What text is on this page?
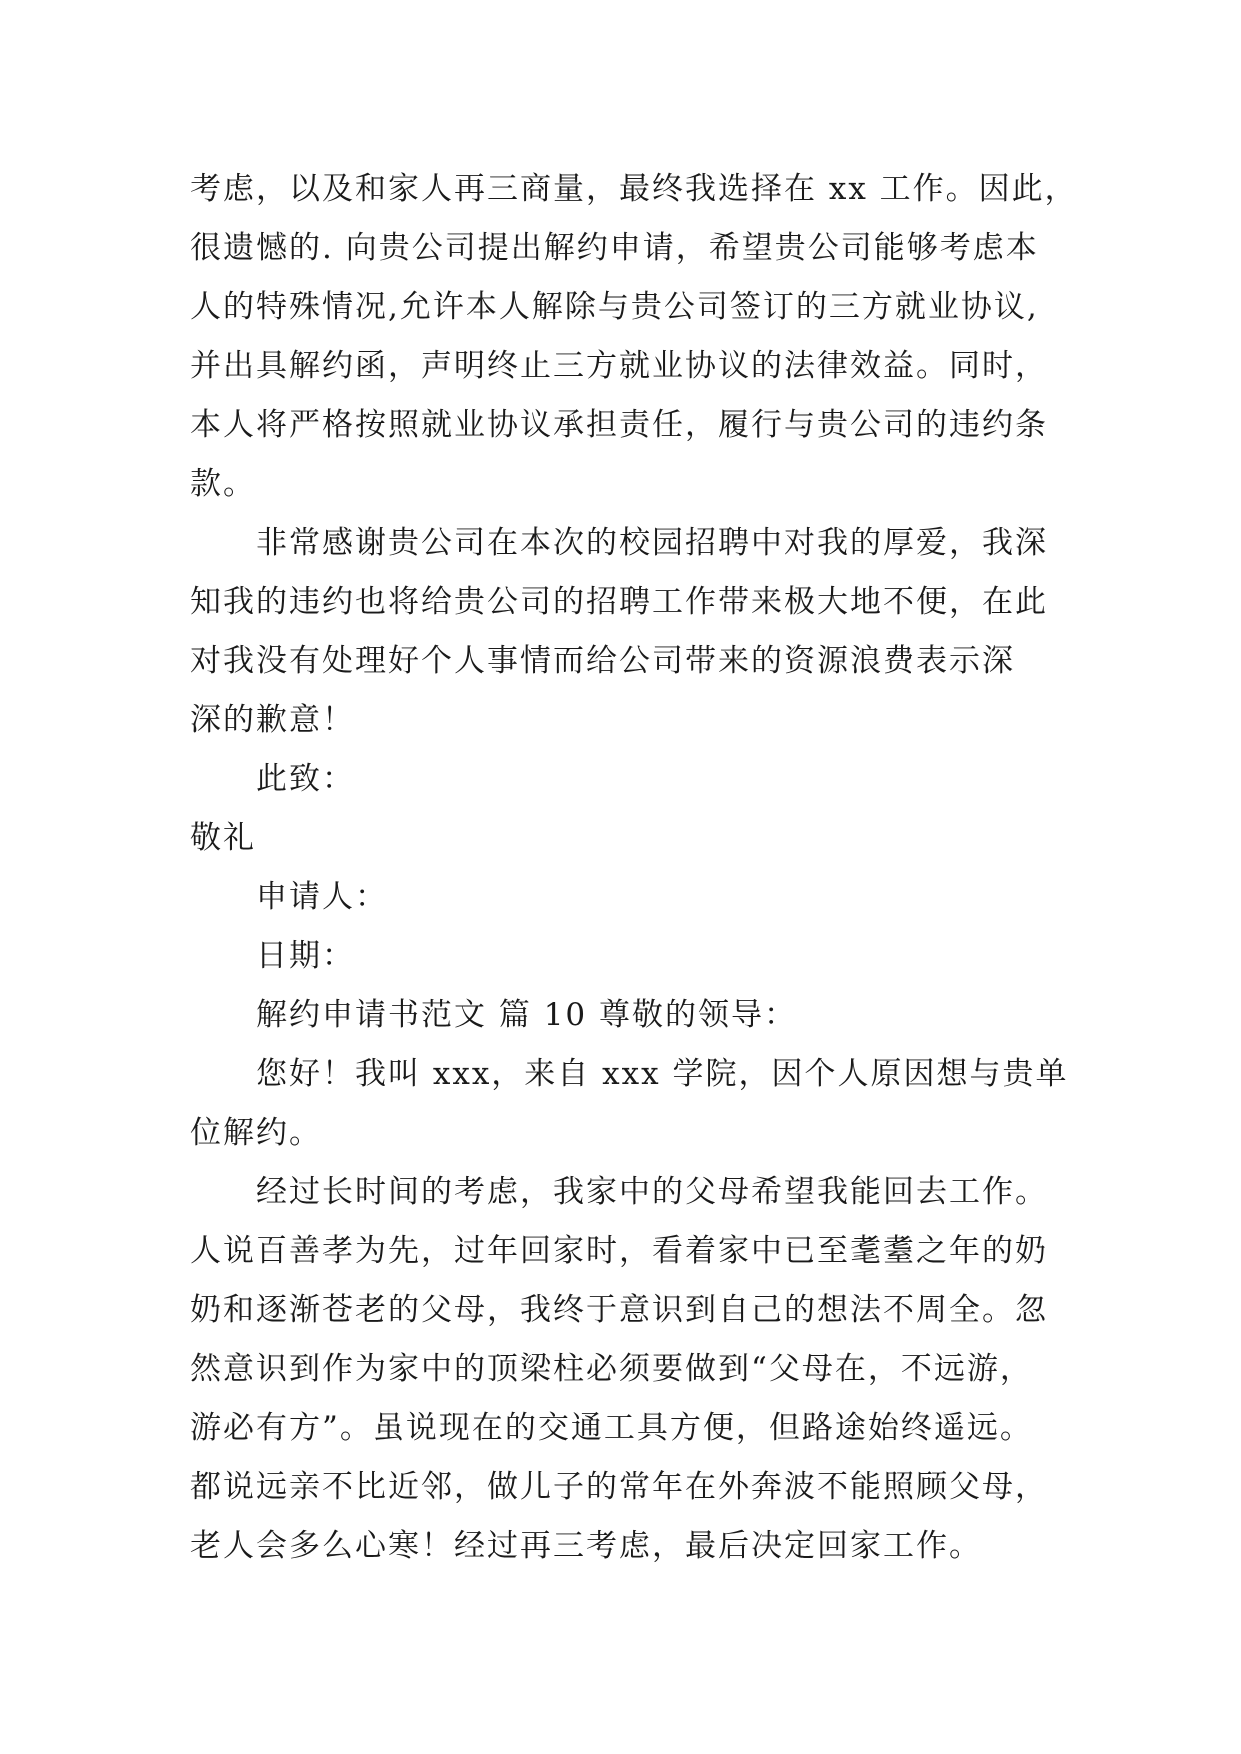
考虑，以及和家人再三商量，最终我选择在 xx 工作。因此，
很遗憾的. 向贵公司提出解约申请，希望贵公司能够考虑本
人的特殊情况,允许本人解除与贵公司签订的三方就业协议,
并出具解约函，声明终止三方就业协议的法律效益。同时，
本人将严格按照就业协议承担责任，履行与贵公司的违约条
款。
非常感谢贵公司在本次的校园招聘中对我的厚爱，我深
知我的违约也将给贵公司的招聘工作带来极大地不便，在此
对我没有处理好个人事情而给公司带来的资源浪费表示深
深的歉意！
此致：
敬礼
申请人：
日期：
解约申请书范文 篇 10 尊敬的领导：
您好！我叫 xxx，来自 xxx 学院，因个人原因想与贵单
位解约。
经过长时间的考虑，我家中的父母希望我能回去工作。
人说百善孝为先，过年回家时，看着家中已至耄耋之年的奶
奶和逐渐苍老的父母，我终于意识到自己的想法不周全。忽
然意识到作为家中的顶梁柱必须要做到“父母在，不远游，
游必有方”。虽说现在的交通工具方便，但路途始终遥远。
都说远亲不比近邻，做儿子的常年在外奔波不能照顾父母，
老人会多么心寒！经过再三考虑，最后决定回家工作。
